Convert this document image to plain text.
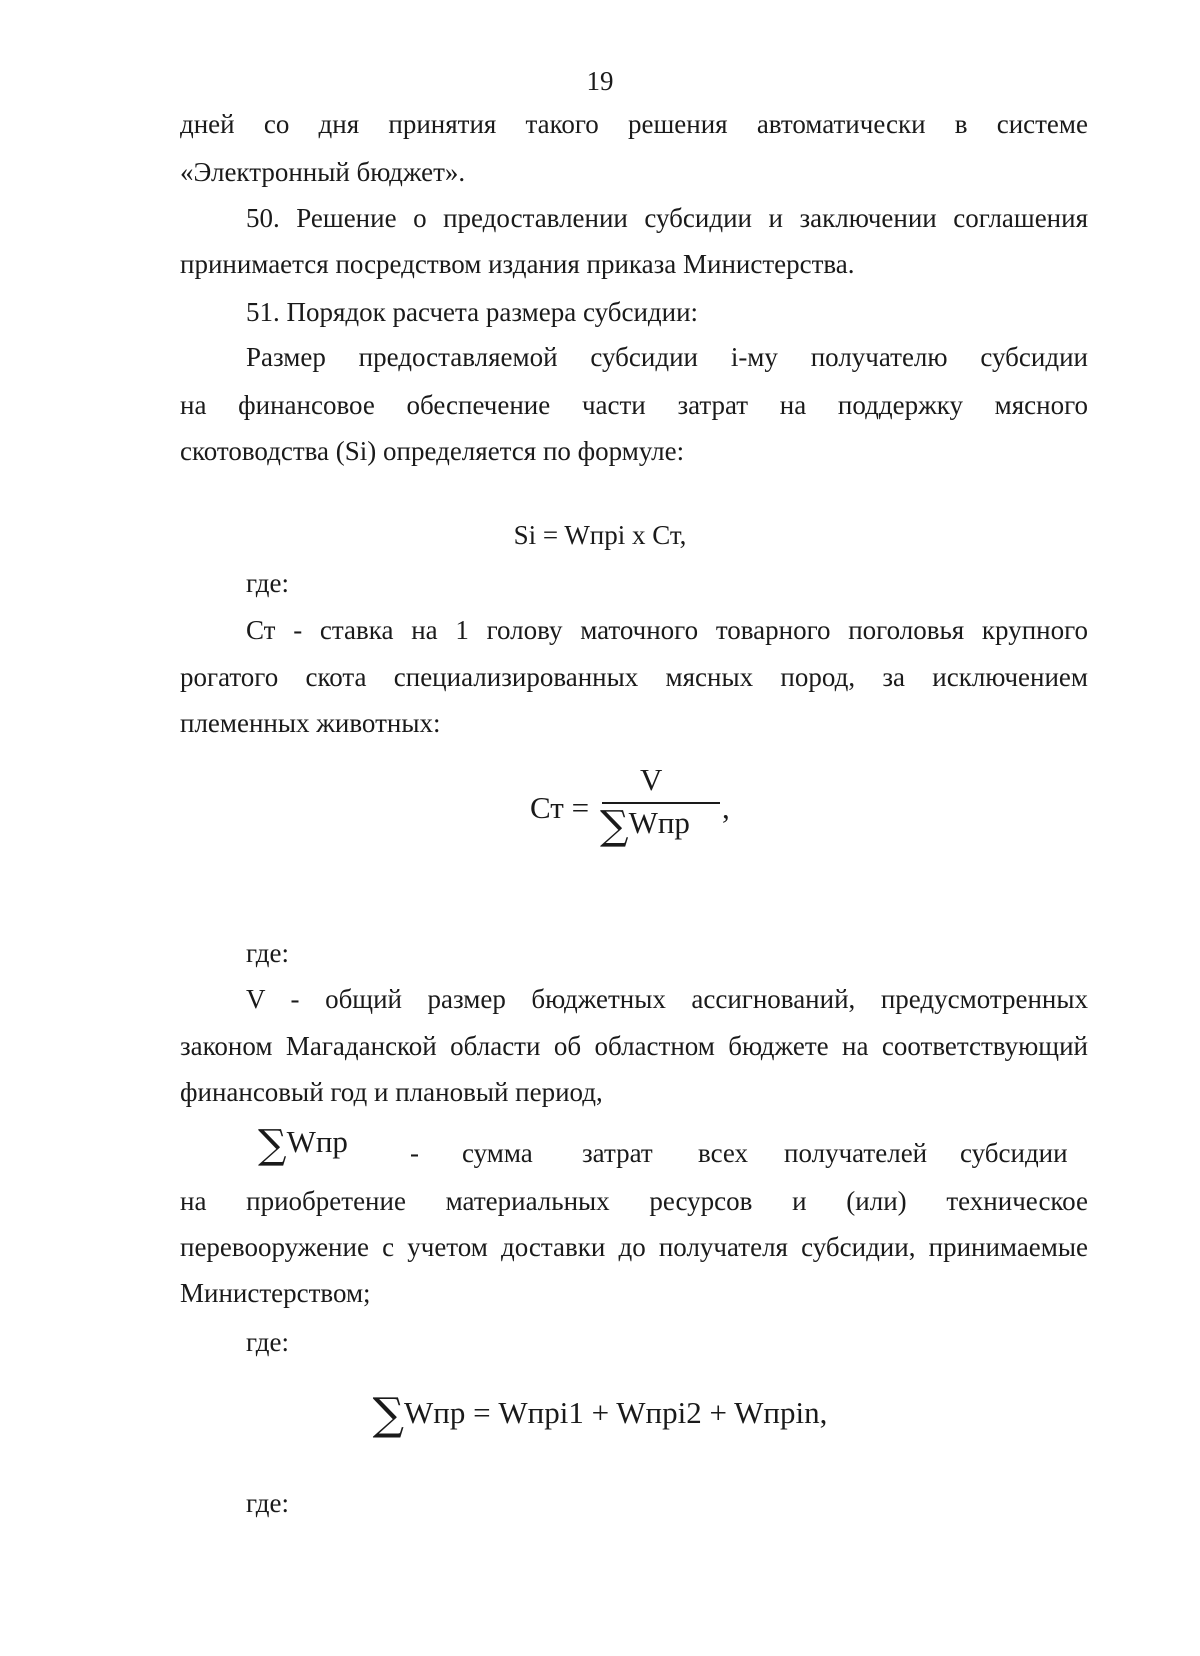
19
дней со дня принятия такого решения автоматически в системе
«Электронный бюджет».
50. Решение о предоставлении субсидии и заключении соглашения
принимается посредством издания приказа Министерства.
51. Порядок расчета размера субсидии:
Размер предоставляемой субсидии i-му получателю субсидии
на финансовое обеспечение части затрат на поддержку мясного
скотоводства (Si) определяется по формуле:
Si = Wпрi x Ст,
где:
Ст - ставка на 1 голову маточного товарного поголовья крупного
рогатого скота специализированных мясных пород, за исключением
племенных животных:
Ст =
V
∑Wпр ,
где:
V - общий размер бюджетных ассигнований, предусмотренных
законом Магаданской области об областном бюджете на соответствующий
финансовый год и плановый период,
∑Wпр - сумма затрат всех получателей субсидии
на приобретение материальных ресурсов и (или) техническое
перевооружение с учетом доставки до получателя субсидии, принимаемые
Министерством;
где:
∑Wпр = Wпрi1 + Wпрi2 + Wпрin,
где:
